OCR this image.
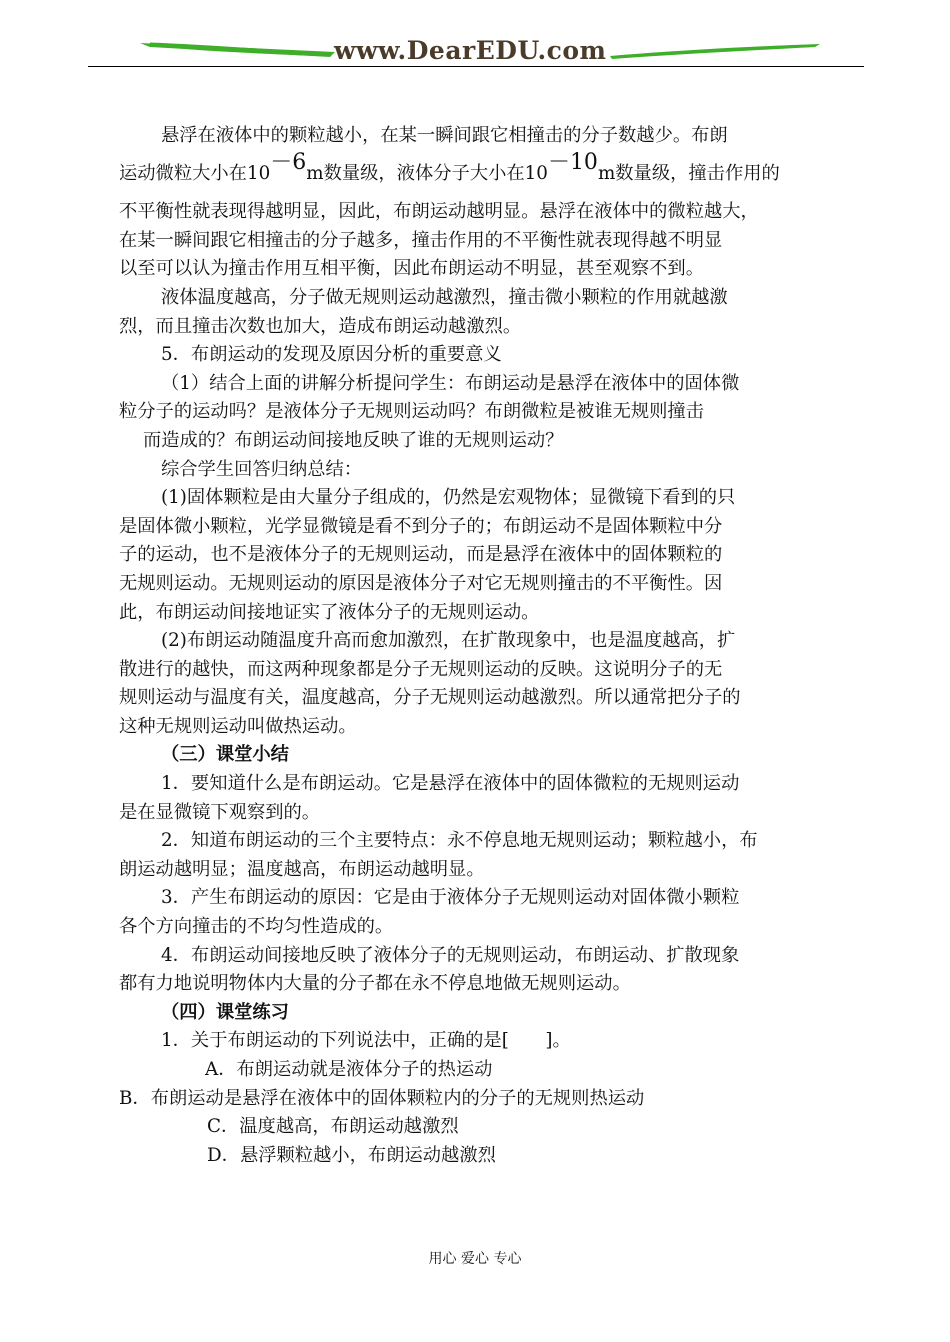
www.DearEDU.com

悬浮在液体中的颗粒越小，在某一瞬间跟它相撞击的分子数越少。布朗

运动微粒大小在10－6m数量级，液体分子大小在10－10m数量级，撞击作用的

不平衡性就表现得越明显，因此，布朗运动越明显。悬浮在液体中的微粒越大，

在某一瞬间跟它相撞击的分子越多，撞击作用的不平衡性就表现得越不明显

以至可以认为撞击作用互相平衡，因此布朗运动不明显，甚至观察不到。

液体温度越高，分子做无规则运动越激烈，撞击微小颗粒的作用就越激

烈，而且撞击次数也加大，造成布朗运动越激烈。

5．布朗运动的发现及原因分析的重要意义

（1）结合上面的讲解分析提问学生：布朗运动是悬浮在液体中的固体微

粒分子的运动吗？是液体分子无规则运动吗？布朗微粒是被谁无规则撞击

而造成的？布朗运动间接地反映了谁的无规则运动？

综合学生回答归纳总结：

(1)固体颗粒是由大量分子组成的，仍然是宏观物体；显微镜下看到的只

是固体微小颗粒，光学显微镜是看不到分子的；布朗运动不是固体颗粒中分

子的运动，也不是液体分子的无规则运动，而是悬浮在液体中的固体颗粒的

无规则运动。无规则运动的原因是液体分子对它无规则撞击的不平衡性。因

此，布朗运动间接地证实了液体分子的无规则运动。

(2)布朗运动随温度升高而愈加激烈，在扩散现象中，也是温度越高，扩

散进行的越快，而这两种现象都是分子无规则运动的反映。这说明分子的无

规则运动与温度有关，温度越高，分子无规则运动越激烈。所以通常把分子的

这种无规则运动叫做热运动。

（三）课堂小结

1．要知道什么是布朗运动。它是悬浮在液体中的固体微粒的无规则运动

是在显微镜下观察到的。

2．知道布朗运动的三个主要特点：永不停息地无规则运动；颗粒越小，布

朗运动越明显；温度越高，布朗运动越明显。

3．产生布朗运动的原因：它是由于液体分子无规则运动对固体微小颗粒

各个方向撞击的不均匀性造成的。

4．布朗运动间接地反映了液体分子的无规则运动，布朗运动、扩散现象

都有力地说明物体内大量的分子都在永不停息地做无规则运动。

（四）课堂练习

1．关于布朗运动的下列说法中，正确的是[　　]。

A．布朗运动就是液体分子的热运动

B．布朗运动是悬浮在液体中的固体颗粒内的分子的无规则热运动

C．温度越高，布朗运动越激烈

D．悬浮颗粒越小，布朗运动越激烈

用心 爱心 专心
